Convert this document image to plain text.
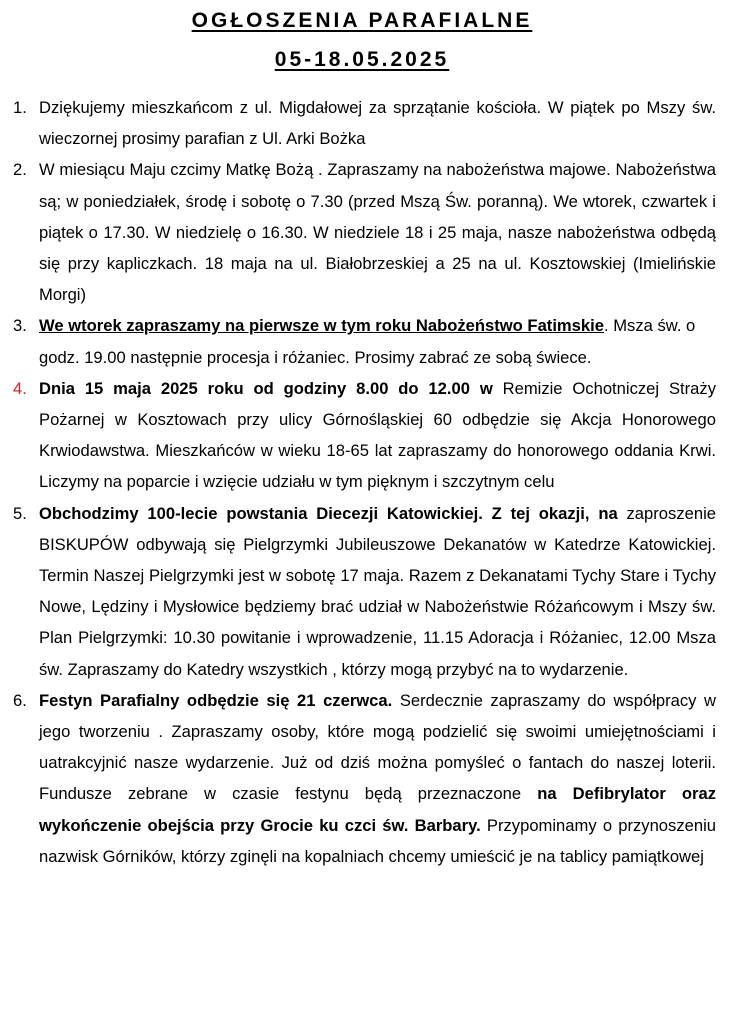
OGŁOSZENIA PARAFIALNE
05-18.05.2025
1. Dziękujemy mieszkańcom z ul. Migdałowej za sprzątanie kościoła. W piątek po Mszy św. wieczornej prosimy parafian z Ul. Arki Bożka

2. W miesiącu Maju czcimy Matkę Bożą . Zapraszamy na nabożeństwa majowe. Nabożeństwa są; w poniedziałek, środę i sobotę o 7.30 (przed Mszą Św. poranną). We wtorek, czwartek i piątek o 17.30. W niedzielę o 16.30. W niedziele 18 i 25 maja, nasze nabożeństwa odbędą się przy kapliczkach. 18 maja na ul. Białobrzeskiej a 25 na ul. Kosztowskiej (Imielińskie Morgi)

3. We wtorek zapraszamy na pierwsze w tym roku Nabożeństwo Fatimskie. Msza św. o godz. 19.00 następnie procesja i różaniec. Prosimy zabrać ze sobą świece.

4. Dnia 15 maja 2025 roku od godziny 8.00 do 12.00 w Remizie Ochotniczej Straży Pożarnej w Kosztowach przy ulicy Górnośląskiej 60 odbędzie się Akcja Honorowego Krwiodawstwa. Mieszkańców w wieku 18-65 lat zapraszamy do honorowego oddania Krwi. Liczymy na poparcie i wzięcie udziału w tym pięknym i szczytnym celu

5. Obchodzimy 100-lecie powstania Diecezji Katowickiej. Z tej okazji, na zaproszenie BISKUPÓW odbywają się Pielgrzymki Jubileuszowe Dekanatów w Katedrze Katowickiej. Termin Naszej Pielgrzymki jest w sobotę 17 maja. Razem z Dekanatami Tychy Stare i Tychy Nowe, Lędziny i Mysłowice będziemy brać udział w Nabożeństwie Różańcowym i Mszy św. Plan Pielgrzymki: 10.30 powitanie i wprowadzenie, 11.15 Adoracja i Różaniec, 12.00 Msza św. Zapraszamy do Katedry wszystkich , którzy mogą przybyć na to wydarzenie.

6. Festyn Parafialny odbędzie się 21 czerwca. Serdecznie zapraszamy do współpracy w jego tworzeniu . Zapraszamy osoby, które mogą podzielić się swoimi umiejętnościami i uatrakcyjnić nasze wydarzenie. Już od dziś można pomyśleć o fantach do naszej loterii. Fundusze zebrane w czasie festynu będą przeznaczone na Defibrylator oraz wykończenie obejścia przy Grocie ku czci św. Barbary. Przypominamy o przynoszeniu nazwisk Górników, którzy zginęli na kopalniach chcemy umieścić je na tablicy pamiątkowej
